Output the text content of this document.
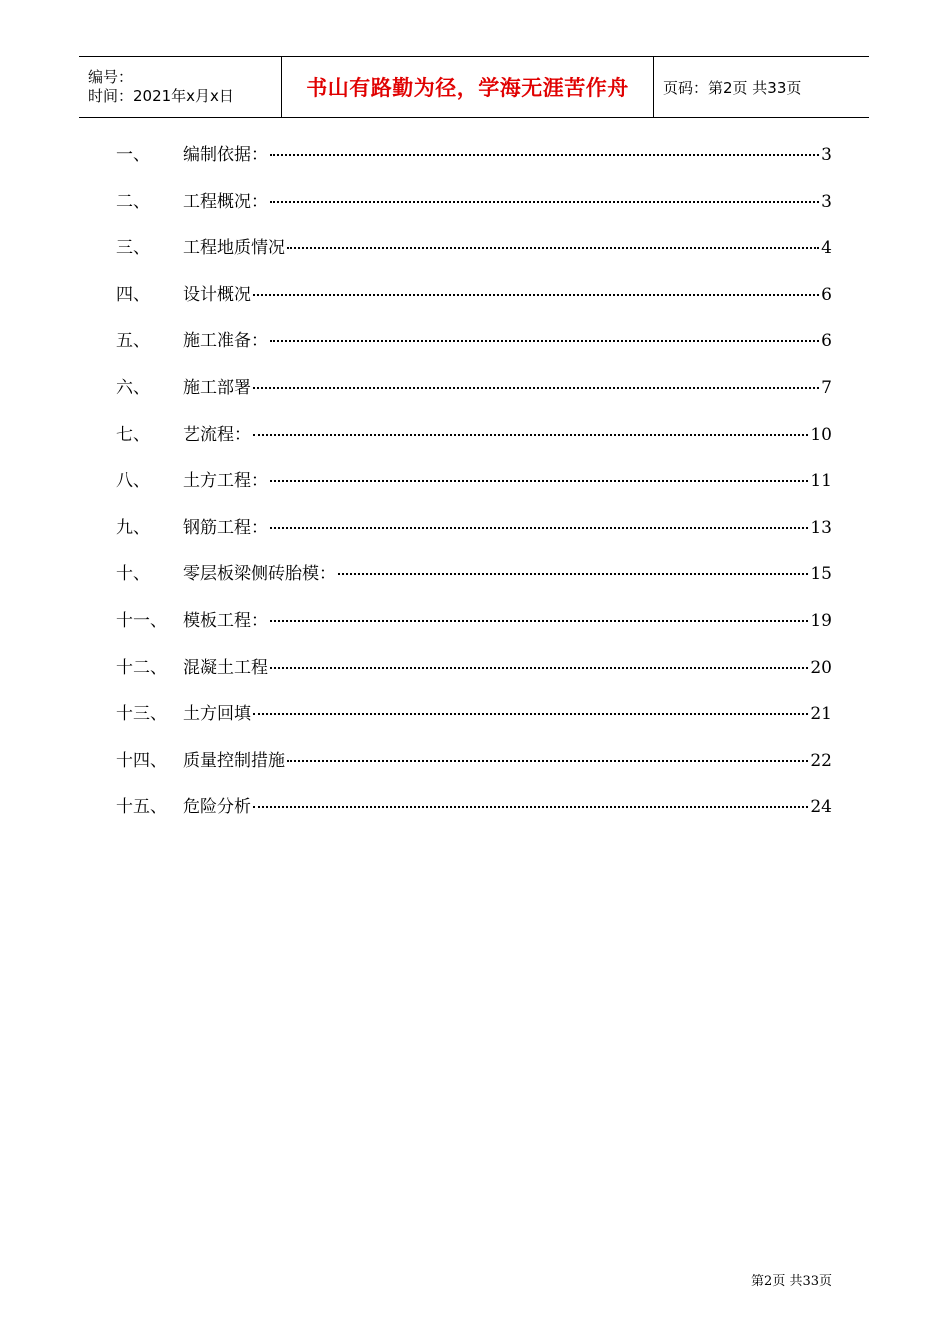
编号：
时间：2021年x月x日	书山有路勤为径，学海无涯苦作舟 页码：第2页 共33页
一、	编制依据：	3
二、	工程概况：	3
三、	工程地质情况	4
四、	设计概况	6
五、	施工准备：	6
六、	施工部署	7
七、	艺流程：	10
八、	土方工程：	11
九、	钢筋工程：	13
十、	零层板梁侧砖胎模：	15
十一、 模板工程：	19
十二、 混凝土工程	20
十三、 土方回填	21
十四、 质量控制措施	22
十五、 危险分析	24
第2页 共33页
